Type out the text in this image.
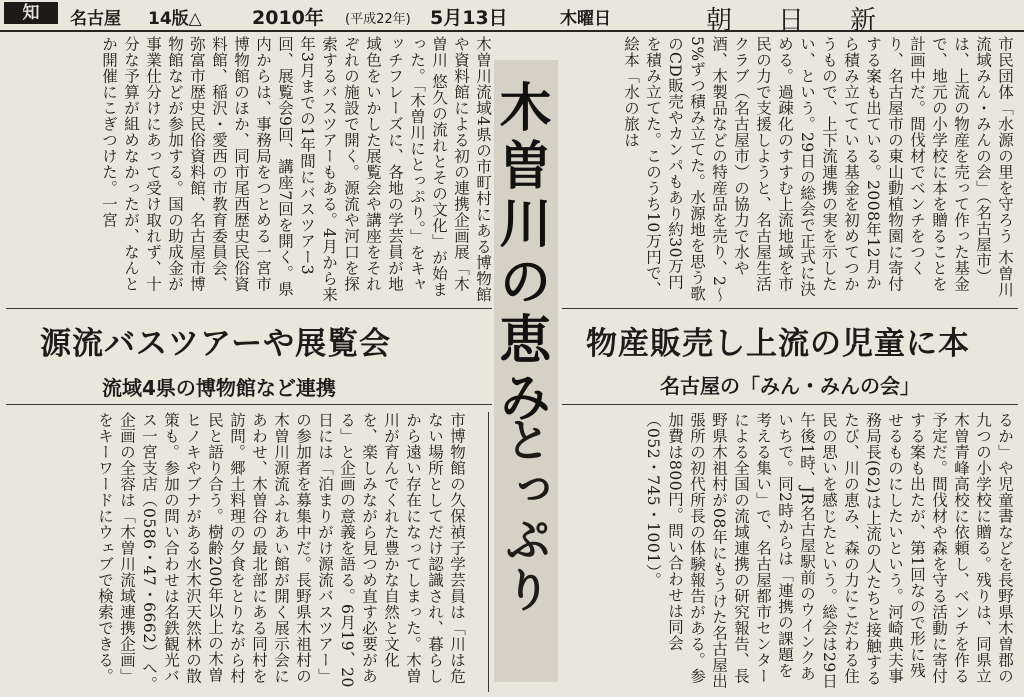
知	名古屋 14版△	2010年 (平成22年) 5月13日	木曜日	朝日新
市民団体「水源の里を守ろう 木曽川流域みん・みんの会」（名古屋市）は、上流の物産を売って作った基金で、地元の小学校に本を贈ることを計画中だ。間伐材でベンチをつくり、名古屋市の東山動植物園に寄付する案も出ている。2008年12月から積み立てている基金を初めてつかうもので、上下流連携の実を示したい、という。29日の総会で正式に決める。過疎化のすすむ上流地域を市民の力で支援しようと、名古屋生活クラブ（名古屋市）の協力で水や酒、木製品などの特産品を売り、2〜5%ずつ積み立てた。水源地を思う歌のCD販売やカンパもあり約30万円を積み立てた。このうち10万円で、絵本「水の旅は
木曽川流域4県の市町村にある博物館や資料館による初の連携企画展「木曽川 悠久の流れとその文化」が始まった。「木曽川にとっぷり。」をキャッチフレーズに、各地の学芸員が地域色をいかした展覧会や講座をそれぞれの施設で開く。源流や河口を探索するバスツアーもある。4月から来年3月までの1年間にバスツアー3回、展覧会9回、講座7回を開く。県内からは、事務局をつとめる一宮市博物館のほか、同市尾西歴史民俗資料館、稲沢・愛西の市教育委員会、弥富市歴史民俗資料館、名古屋市博物館などが参加する。国の助成金が事業仕分けにあって受け取れず、十分な予算が組めなかったが、なんとか開催にこぎつけた。一宮	木曽川の恵み
とっぷり
物産販売し上流の児童に本
名古屋の「みん・みんの会」
源流バスツアーや展覧会
流域4県の博物館など連携
るか」や児童書などを長野県木曽郡の九つの小学校に贈る。残りは、同県立木曽青峰高校に依頼し、ベンチを作る予定だ。間伐材や森を守る活動に寄付する案も出たが、第1回なので形に残せるものにしたいという。河崎典夫事務局長(62)は上流の人たちと接触するたび、川の恵み、森の力にこだわる住民の思いを感じたという。総会は29日午後1時、JR名古屋駅前のウインクあいちで。同2時からは「連携の課題を考える集い」で、名古屋都市センターによる全国の流域連携の研究報告、長野県木祖村が08年にもうけた名古屋出張所の初代所長の体験報告がある。参加費は800円。問い合わせは同会（052・745・1001）。
市博物館の久保禎子学芸員は「川は危ない場所としてだけ認識され、暮らしから遠い存在になってしまった。木曽川が育んでくれた豊かな自然と文化を、楽しみながら見つめ直す必要がある」と企画の意義を語る。6月19、20日には「泊まりがけ源流バスツアー」の参加者を募集中だ。長野県木祖村の木曽川源流ふれあい館が開く展示会にあわせ、木曽谷の最北部にある同村を訪問。郷土料理の夕食をとりながら村民と語り合う。樹齢200年以上の木曽ヒノキやブナがある水木沢天然林の散策も。参加の問い合わせは名鉄観光バス一宮支店（0586・47・6662）へ。企画の全容は「木曽川流域連携企画」をキーワードにウェブで検索できる。
